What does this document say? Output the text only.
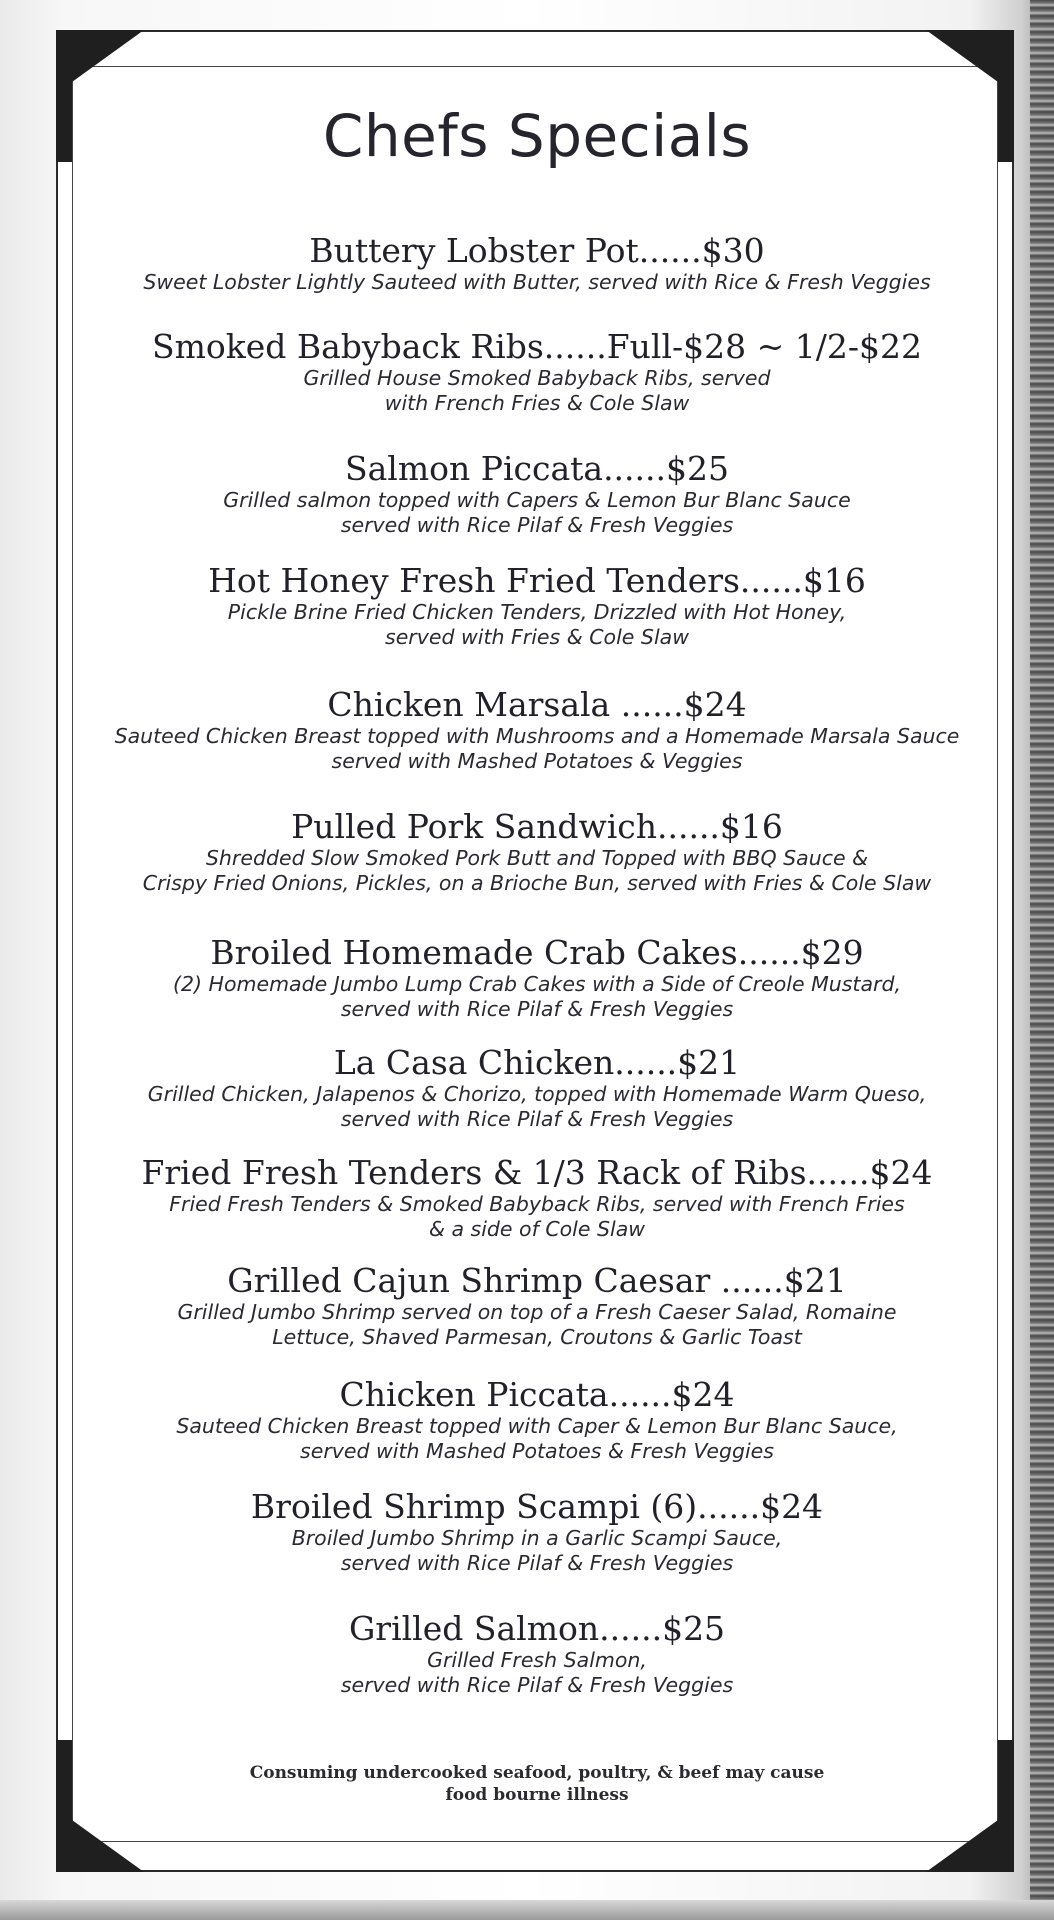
Chefs Specials
Buttery Lobster Pot......$30
Sweet Lobster Lightly Sauteed with Butter, served with Rice & Fresh Veggies
Smoked Babyback Ribs......Full-$28 ~ 1/2-$22
Grilled House Smoked Babyback Ribs, served
with French Fries & Cole Slaw
Salmon Piccata......$25
Grilled salmon topped with Capers & Lemon Bur Blanc Sauce
served with Rice Pilaf & Fresh Veggies
Hot Honey Fresh Fried Tenders......$16
Pickle Brine Fried Chicken Tenders, Drizzled with Hot Honey,
served with Fries & Cole Slaw
Chicken Marsala ......$24
Sauteed Chicken Breast topped with Mushrooms and a Homemade Marsala Sauce
served with Mashed Potatoes & Veggies
Pulled Pork Sandwich......$16
Shredded Slow Smoked Pork Butt and Topped with BBQ Sauce &
Crispy Fried Onions, Pickles, on a Brioche Bun, served with Fries & Cole Slaw
Broiled Homemade Crab Cakes......$29
(2) Homemade Jumbo Lump Crab Cakes with a Side of Creole Mustard,
served with Rice Pilaf & Fresh Veggies
La Casa Chicken......$21
Grilled Chicken, Jalapenos & Chorizo, topped with Homemade Warm Queso,
served with Rice Pilaf & Fresh Veggies
Fried Fresh Tenders & 1/3 Rack of Ribs......$24
Fried Fresh Tenders & Smoked Babyback Ribs, served with French Fries
& a side of Cole Slaw
Grilled Cajun Shrimp Caesar ......$21
Grilled Jumbo Shrimp served on top of a Fresh Caeser Salad, Romaine
Lettuce, Shaved Parmesan, Croutons & Garlic Toast
Chicken Piccata......$24
Sauteed Chicken Breast topped with Caper & Lemon Bur Blanc Sauce,
served with Mashed Potatoes & Fresh Veggies
Broiled Shrimp Scampi (6)......$24
Broiled Jumbo Shrimp in a Garlic Scampi Sauce,
served with Rice Pilaf & Fresh Veggies
Grilled Salmon......$25
Grilled Fresh Salmon,
served with Rice Pilaf & Fresh Veggies
Consuming undercooked seafood, poultry, & beef may cause
food bourne illness
